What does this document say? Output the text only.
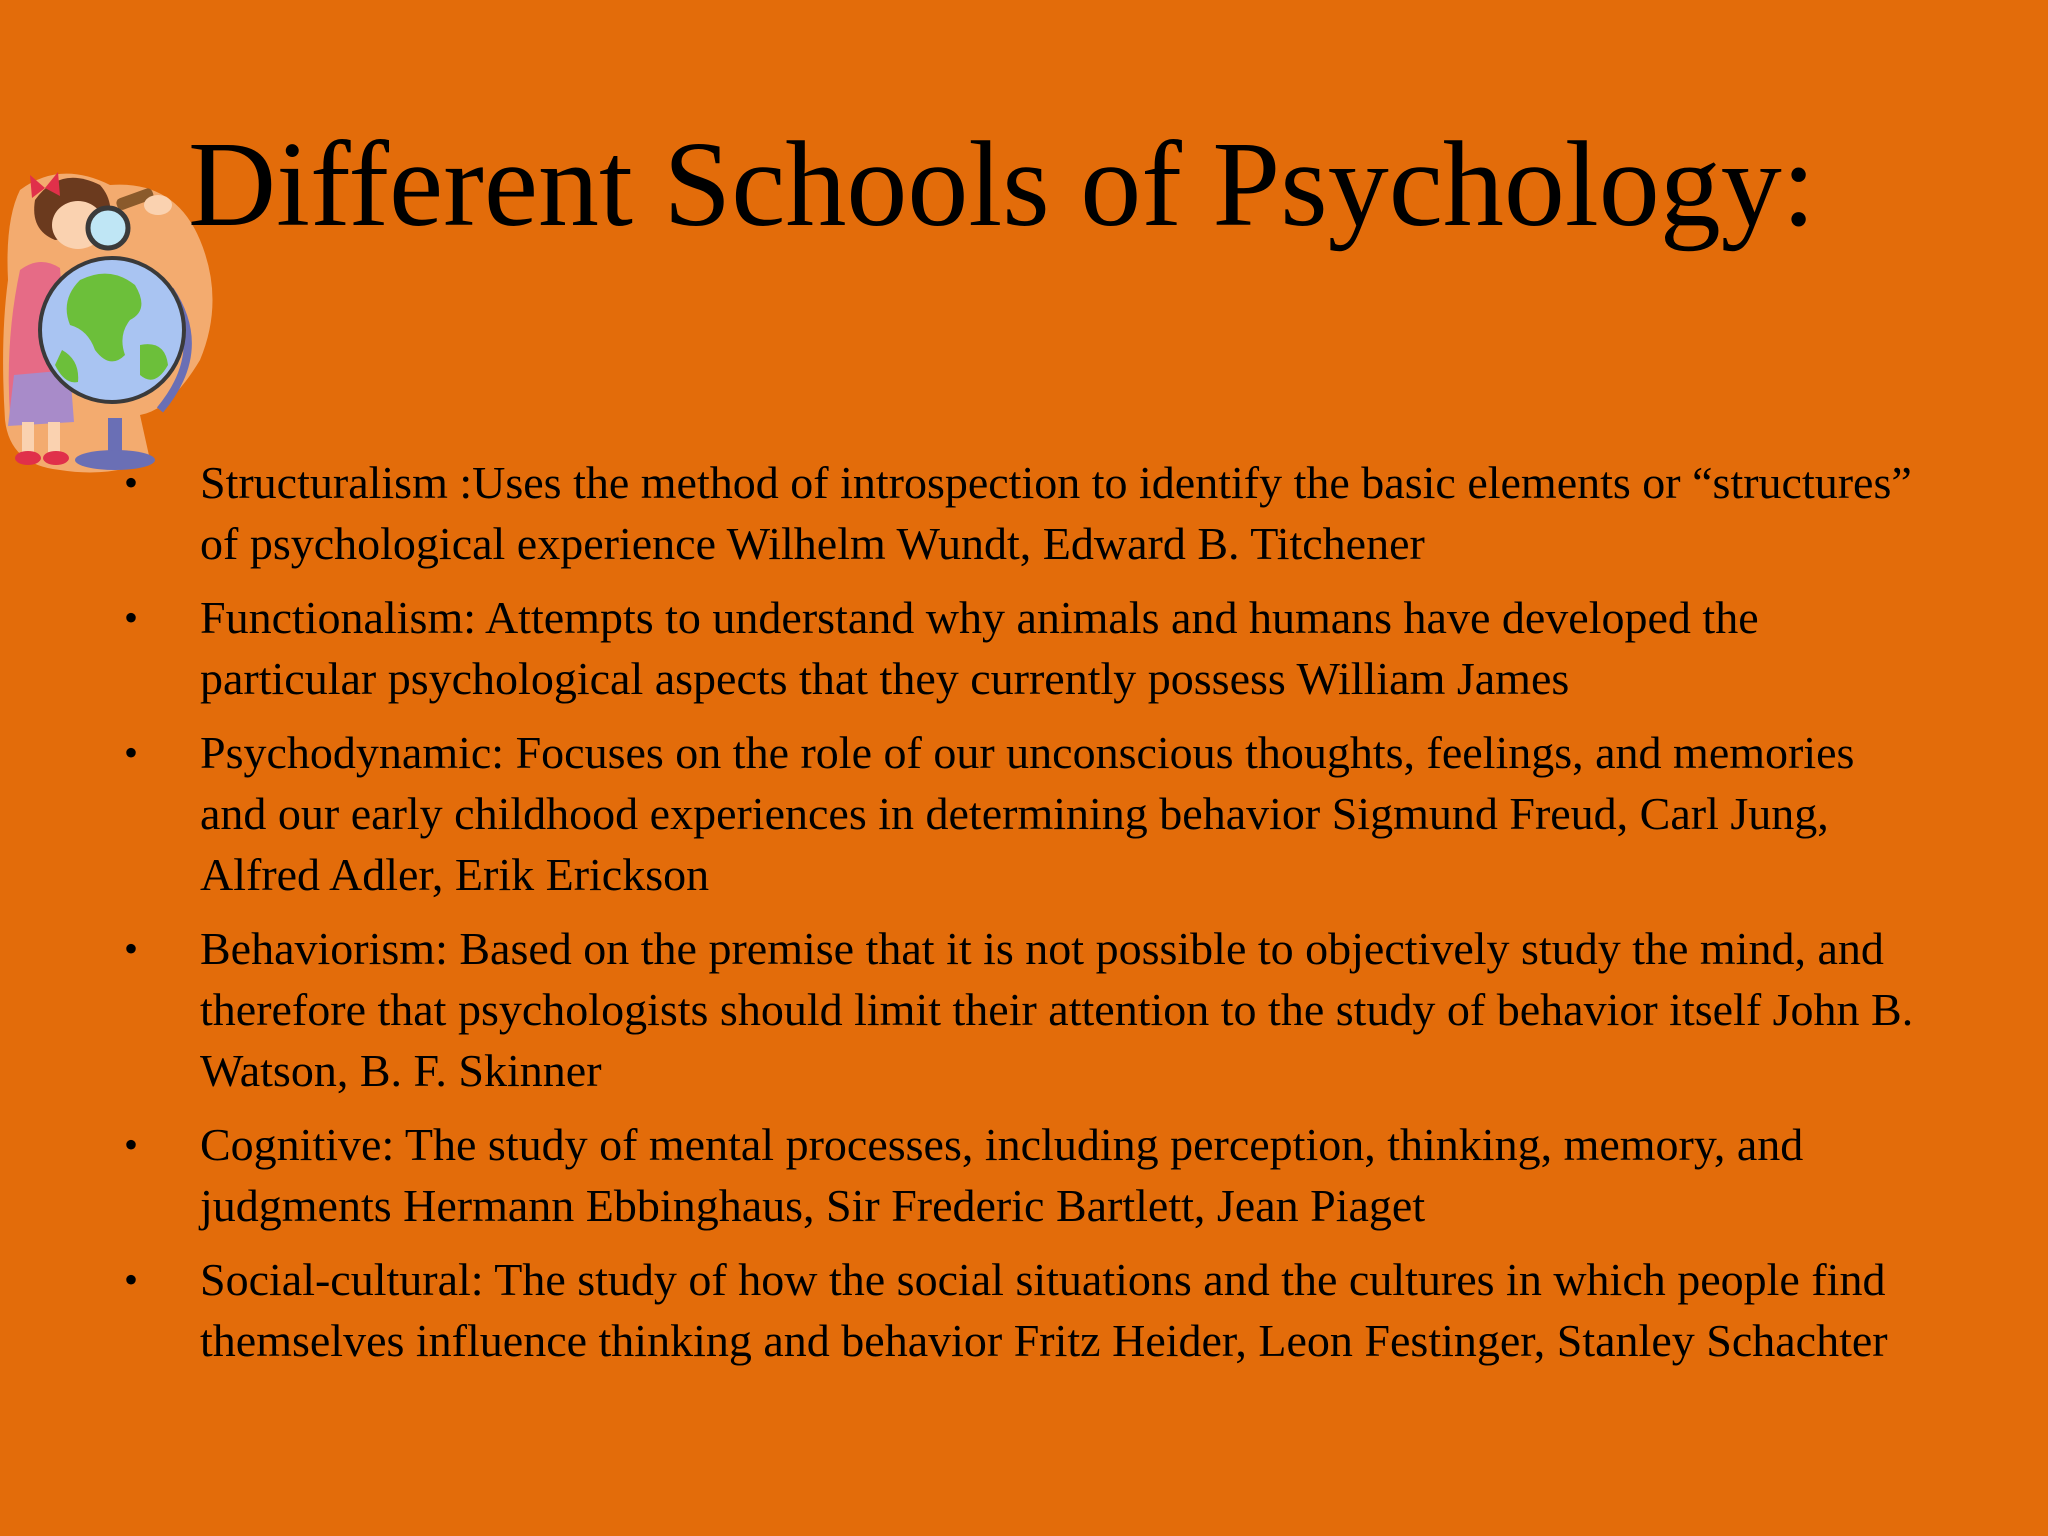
Different Schools of Psychology:
• Structuralism :Uses the method of introspection to identify the basic elements or “structures” of psychological experience Wilhelm Wundt, Edward B. Titchener
• Functionalism: Attempts to understand why animals and humans have developed the particular psychological aspects that they currently possess William James
• Psychodynamic: Focuses on the role of our unconscious thoughts, feelings, and memories and our early childhood experiences in determining behavior Sigmund Freud, Carl Jung, Alfred Adler, Erik Erickson
• Behaviorism: Based on the premise that it is not possible to objectively study the mind, and therefore that psychologists should limit their attention to the study of behavior itself John B. Watson, B. F. Skinner
• Cognitive: The study of mental processes, including perception, thinking, memory, and judgments Hermann Ebbinghaus, Sir Frederic Bartlett, Jean Piaget
• Social-cultural: The study of how the social situations and the cultures in which people find themselves influence thinking and behavior Fritz Heider, Leon Festinger, Stanley Schachter
